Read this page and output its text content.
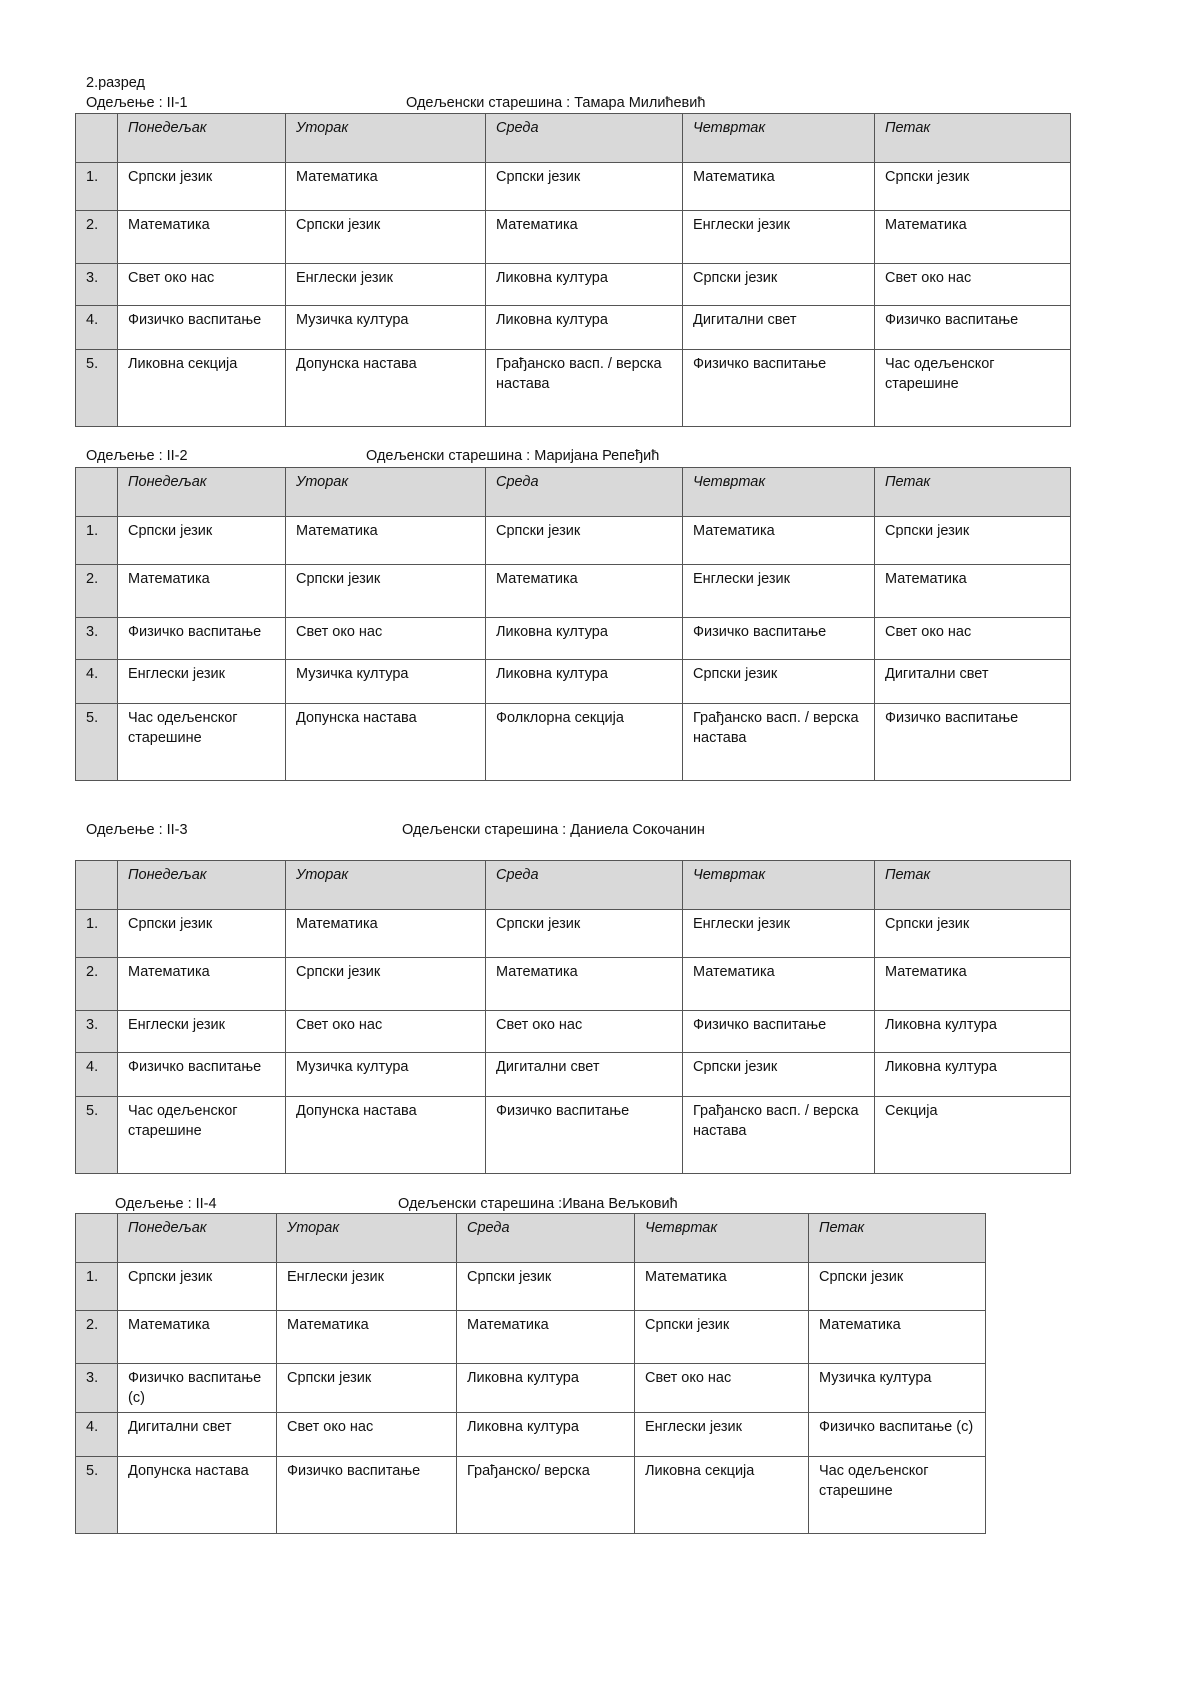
2.разред
Одељење : II-1	Одељенски старешина : Тамара Милићевић
	Понедељак	Уторак	Среда	Четвртак	Петак
1.	Српски језик	Математика	Српски језик	Математика	Српски језик
2.	Математика	Српски језик	Математика	Енглески језик	Математика
3.	Свет око нас	Енглески језик	Ликовна култура	Српски језик	Свет око нас
4.	Физичко васпитање	Музичка култура	Ликовна култура	Дигитални свет	Физичко васпитање
5.	Ликовна секција	Допунска настава	Грађанско васп. / верска настава	Физичко васпитање	Час одељенског старешине
Одељење : II-2	Одељенски старешина : Маријана Репеђић
	Понедељак	Уторак	Среда	Четвртак	Петак
1.	Српски језик	Математика	Српски језик	Математика	Српски језик
2.	Математика	Српски језик	Математика	Енглески језик	Математика
3.	Физичко васпитање	Свет око нас	Ликовна култура	Физичко васпитање	Свет око нас
4.	Енглески језик	Музичка култура	Ликовна култура	Српски језик	Дигитални свет
5.	Час одељенског старешине	Допунска настава	Фолклорна секција	Грађанско васп. / верска настава	Физичко васпитање
Одељење : II-3	Одељенски старешина : Даниела Сокочанин
	Понедељак	Уторак	Среда	Четвртак	Петак
1.	Српски језик	Математика	Српски језик	Енглески језик	Српски језик
2.	Математика	Српски језик	Математика	Математика	Математика
3.	Енглески језик	Свет око нас	Свет око нас	Физичко васпитање	Ликовна култура
4.	Физичко васпитање	Музичка култура	Дигитални свет	Српски језик	Ликовна култура
5.	Час одељенског старешине	Допунска настава	Физичко васпитање	Грађанско васп. / верска настава	Секција
Одељење : II-4	Одељенски старешина :Ивана Вељковић
	Понедељак	Уторак	Среда	Четвртак	Петак
1.	Српски језик	Енглески језик	Српски језик	Математика	Српски језик
2.	Математика	Математика	Математика	Српски језик	Математика
3.	Физичко васпитање (с)	Српски језик	Ликовна култура	Свет око нас	Музичка култура
4.	Дигитални свет	Свет око нас	Ликовна култура	Енглески језик	Физичко васпитање (с)
5.	Допунска настава	Физичко васпитање	Грађанско/ верска	Ликовна секција	Час одељенског старешине
